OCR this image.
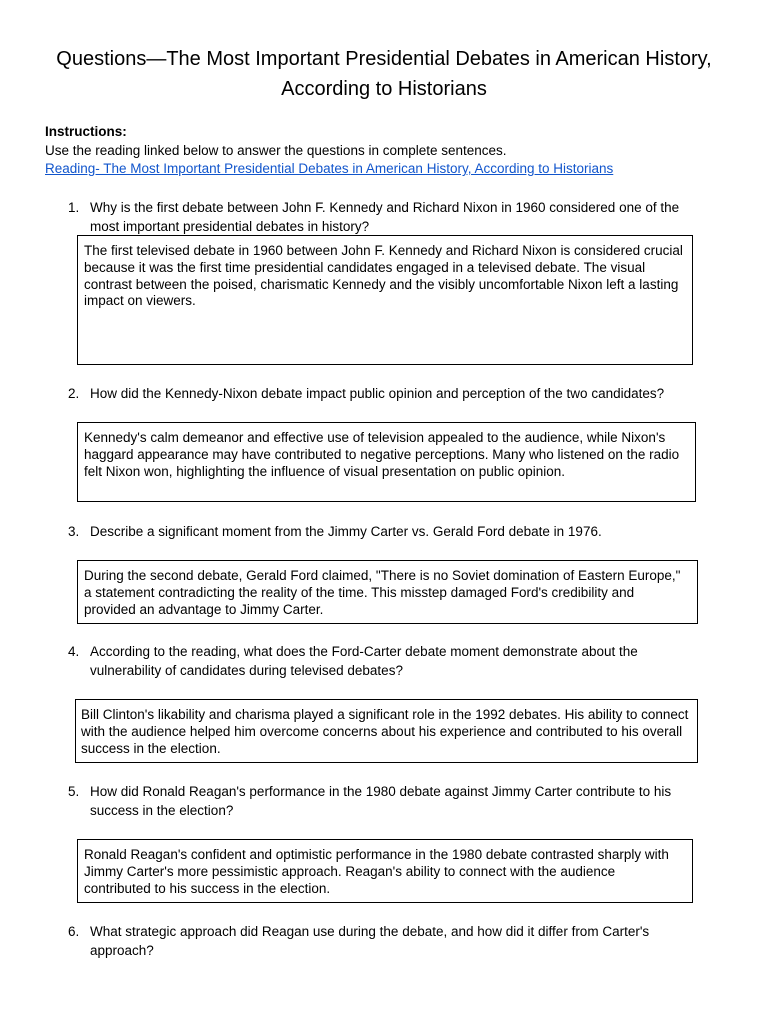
Questions—The Most Important Presidential Debates in American History, According to Historians
Instructions:
Use the reading linked below to answer the questions in complete sentences.
Reading- The Most Important Presidential Debates in American History, According to Historians
1. Why is the first debate between John F. Kennedy and Richard Nixon in 1960 considered one of the most important presidential debates in history?
The first televised debate in 1960 between John F. Kennedy and Richard Nixon is considered crucial because it was the first time presidential candidates engaged in a televised debate. The visual contrast between the poised, charismatic Kennedy and the visibly uncomfortable Nixon left a lasting impact on viewers.
2. How did the Kennedy-Nixon debate impact public opinion and perception of the two candidates?
Kennedy's calm demeanor and effective use of television appealed to the audience, while Nixon's haggard appearance may have contributed to negative perceptions. Many who listened on the radio felt Nixon won, highlighting the influence of visual presentation on public opinion.
3. Describe a significant moment from the Jimmy Carter vs. Gerald Ford debate in 1976.
During the second debate, Gerald Ford claimed, "There is no Soviet domination of Eastern Europe," a statement contradicting the reality of the time. This misstep damaged Ford's credibility and provided an advantage to Jimmy Carter.
4. According to the reading, what does the Ford-Carter debate moment demonstrate about the vulnerability of candidates during televised debates?
Bill Clinton's likability and charisma played a significant role in the 1992 debates. His ability to connect with the audience helped him overcome concerns about his experience and contributed to his overall success in the election.
5. How did Ronald Reagan's performance in the 1980 debate against Jimmy Carter contribute to his success in the election?
Ronald Reagan's confident and optimistic performance in the 1980 debate contrasted sharply with Jimmy Carter's more pessimistic approach. Reagan's ability to connect with the audience contributed to his success in the election.
6. What strategic approach did Reagan use during the debate, and how did it differ from Carter's approach?
